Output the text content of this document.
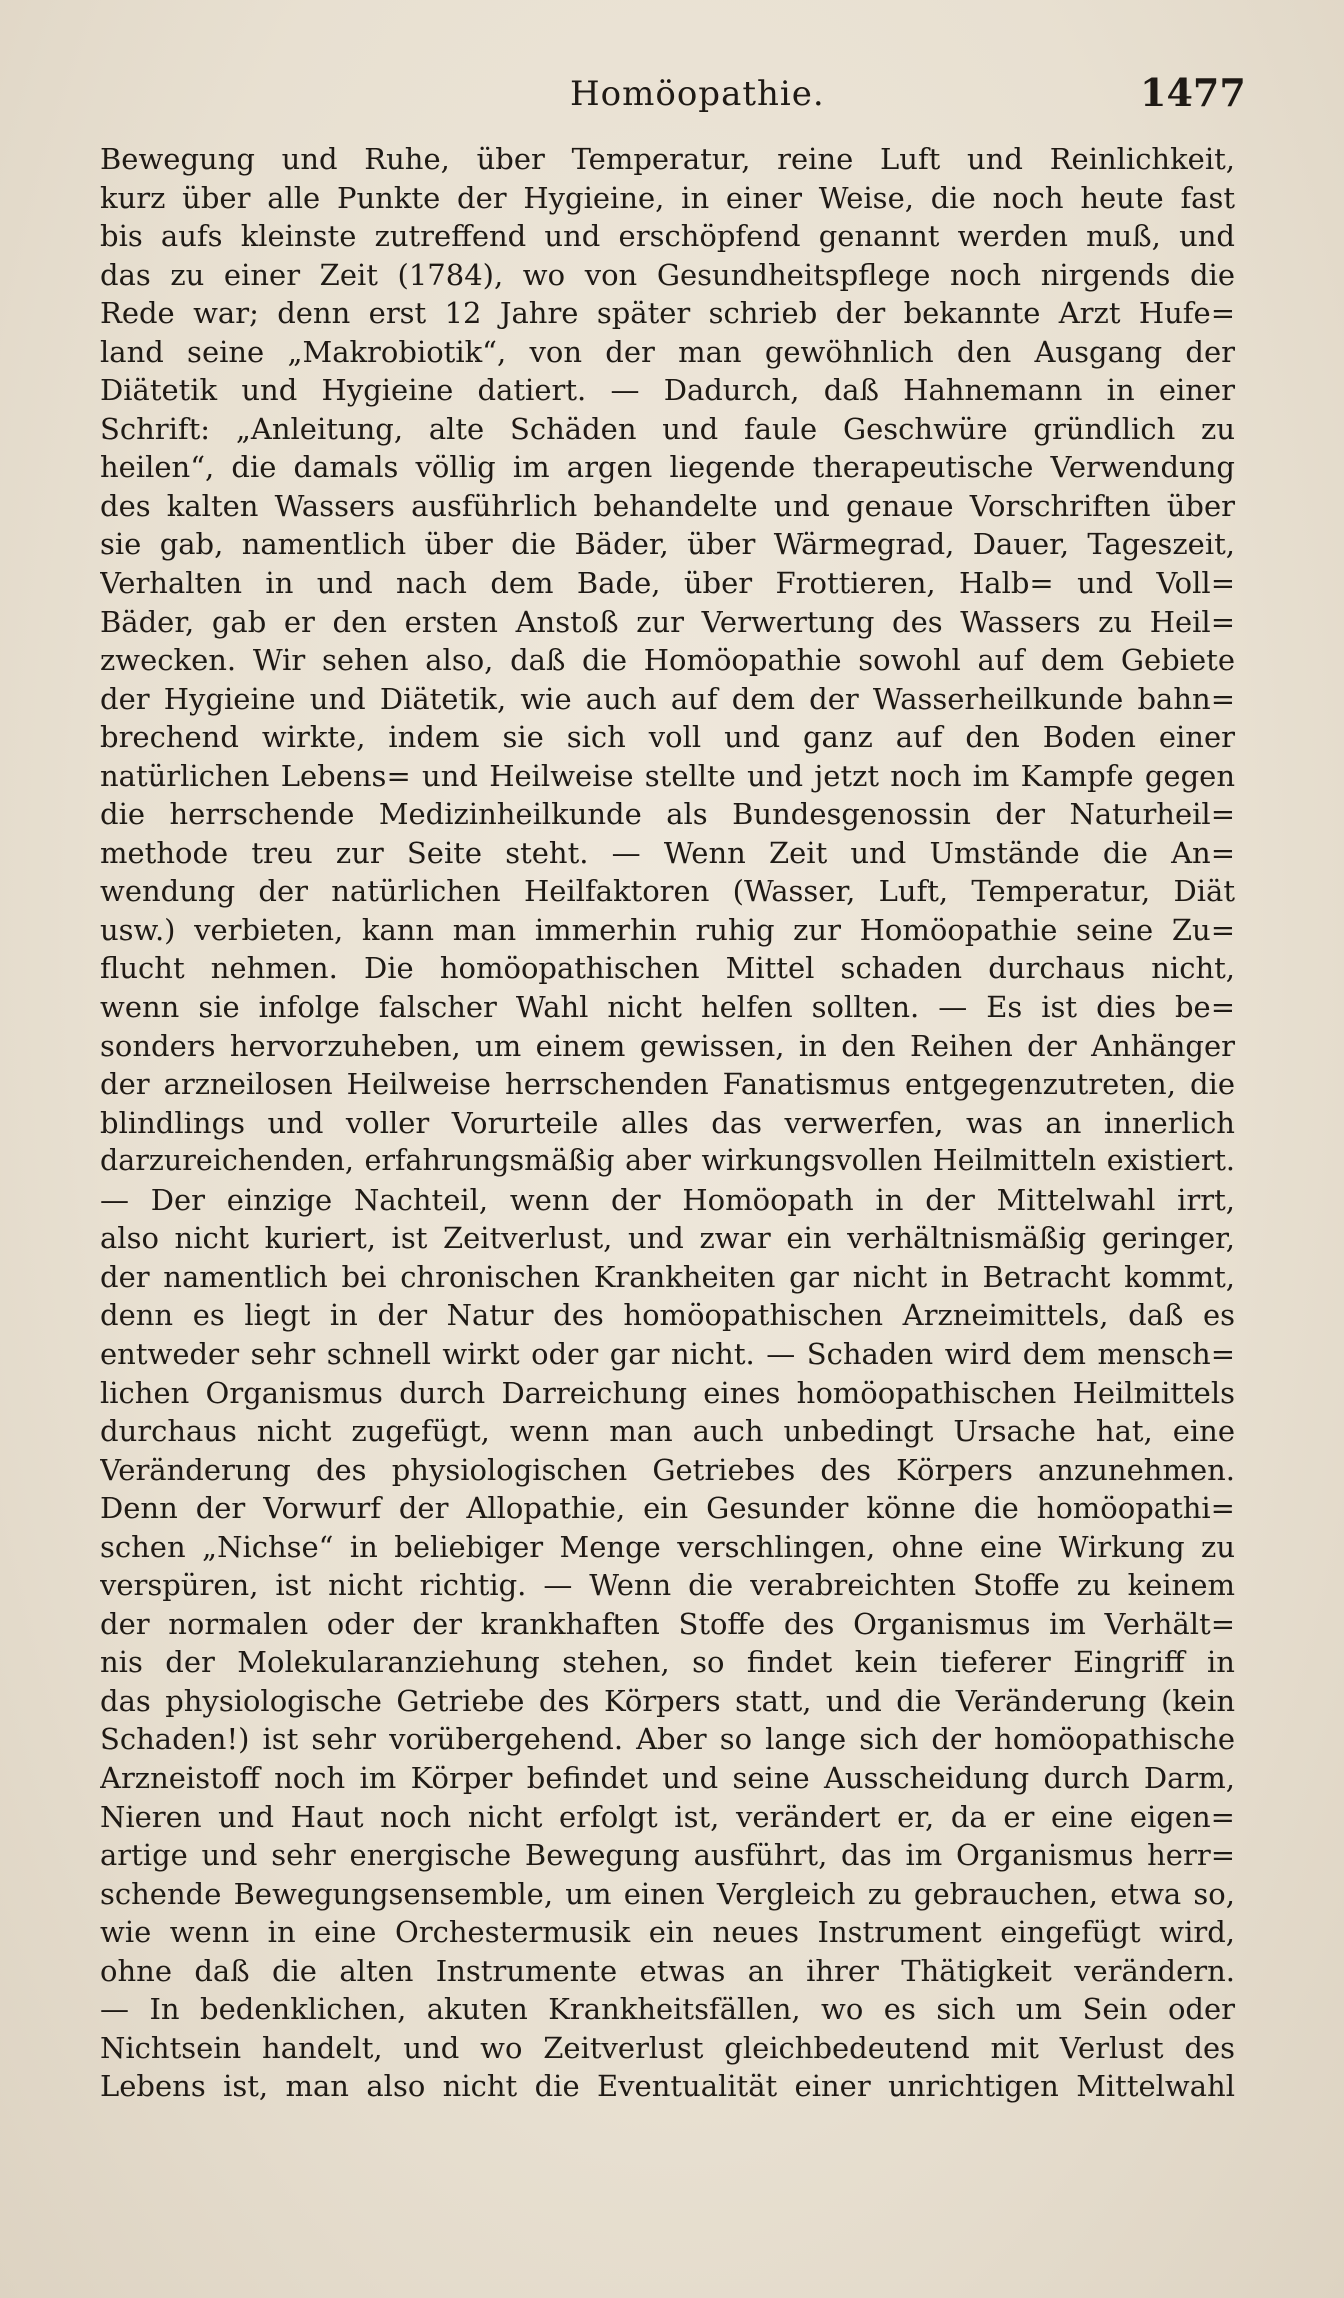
Homöopathie.	1477
Bewegung und Ruhe, über Temperatur, reine Luft und Reinlichkeit,
kurz über alle Punkte der Hygieine, in einer Weise, die noch heute fast
bis aufs kleinste zutreffend und erschöpfend genannt werden muß, und
das zu einer Zeit (1784), wo von Gesundheitspflege noch nirgends die
Rede war; denn erst 12 Jahre später schrieb der bekannte Arzt Hufe=
land seine „Makrobiotik“, von der man gewöhnlich den Ausgang der
Diätetik und Hygieine datiert. — Dadurch, daß Hahnemann in einer
Schrift: „Anleitung, alte Schäden und faule Geschwüre gründlich zu
heilen“, die damals völlig im argen liegende therapeutische Verwendung
des kalten Wassers ausführlich behandelte und genaue Vorschriften über
sie gab, namentlich über die Bäder, über Wärmegrad, Dauer, Tageszeit,
Verhalten in und nach dem Bade, über Frottieren, Halb= und Voll=
Bäder, gab er den ersten Anstoß zur Verwertung des Wassers zu Heil=
zwecken. Wir sehen also, daß die Homöopathie sowohl auf dem Gebiete
der Hygieine und Diätetik, wie auch auf dem der Wasserheilkunde bahn=
brechend wirkte, indem sie sich voll und ganz auf den Boden einer
natürlichen Lebens= und Heilweise stellte und jetzt noch im Kampfe gegen
die herrschende Medizinheilkunde als Bundesgenossin der Naturheil=
methode treu zur Seite steht. — Wenn Zeit und Umstände die An=
wendung der natürlichen Heilfaktoren (Wasser, Luft, Temperatur, Diät
usw.) verbieten, kann man immerhin ruhig zur Homöopathie seine Zu=
flucht nehmen. Die homöopathischen Mittel schaden durchaus nicht,
wenn sie infolge falscher Wahl nicht helfen sollten. — Es ist dies be=
sonders hervorzuheben, um einem gewissen, in den Reihen der Anhänger
der arzneilosen Heilweise herrschenden Fanatismus entgegenzutreten, die
blindlings und voller Vorurteile alles das verwerfen, was an innerlich
darzureichenden, erfahrungsmäßig aber wirkungsvollen Heilmitteln existiert.
— Der einzige Nachteil, wenn der Homöopath in der Mittelwahl irrt,
also nicht kuriert, ist Zeitverlust, und zwar ein verhältnismäßig geringer,
der namentlich bei chronischen Krankheiten gar nicht in Betracht kommt,
denn es liegt in der Natur des homöopathischen Arzneimittels, daß es
entweder sehr schnell wirkt oder gar nicht. — Schaden wird dem mensch=
lichen Organismus durch Darreichung eines homöopathischen Heilmittels
durchaus nicht zugefügt, wenn man auch unbedingt Ursache hat, eine
Veränderung des physiologischen Getriebes des Körpers anzunehmen.
Denn der Vorwurf der Allopathie, ein Gesunder könne die homöopathi=
schen „Nichse“ in beliebiger Menge verschlingen, ohne eine Wirkung zu
verspüren, ist nicht richtig. — Wenn die verabreichten Stoffe zu keinem
der normalen oder der krankhaften Stoffe des Organismus im Verhält=
nis der Molekularanziehung stehen, so findet kein tieferer Eingriff in
das physiologische Getriebe des Körpers statt, und die Veränderung (kein
Schaden!) ist sehr vorübergehend. Aber so lange sich der homöopathische
Arzneistoff noch im Körper befindet und seine Ausscheidung durch Darm,
Nieren und Haut noch nicht erfolgt ist, verändert er, da er eine eigen=
artige und sehr energische Bewegung ausführt, das im Organismus herr=
schende Bewegungsensemble, um einen Vergleich zu gebrauchen, etwa so,
wie wenn in eine Orchestermusik ein neues Instrument eingefügt wird,
ohne daß die alten Instrumente etwas an ihrer Thätigkeit verändern.
— In bedenklichen, akuten Krankheitsfällen, wo es sich um Sein oder
Nichtsein handelt, und wo Zeitverlust gleichbedeutend mit Verlust des
Lebens ist, man also nicht die Eventualität einer unrichtigen Mittelwahl
